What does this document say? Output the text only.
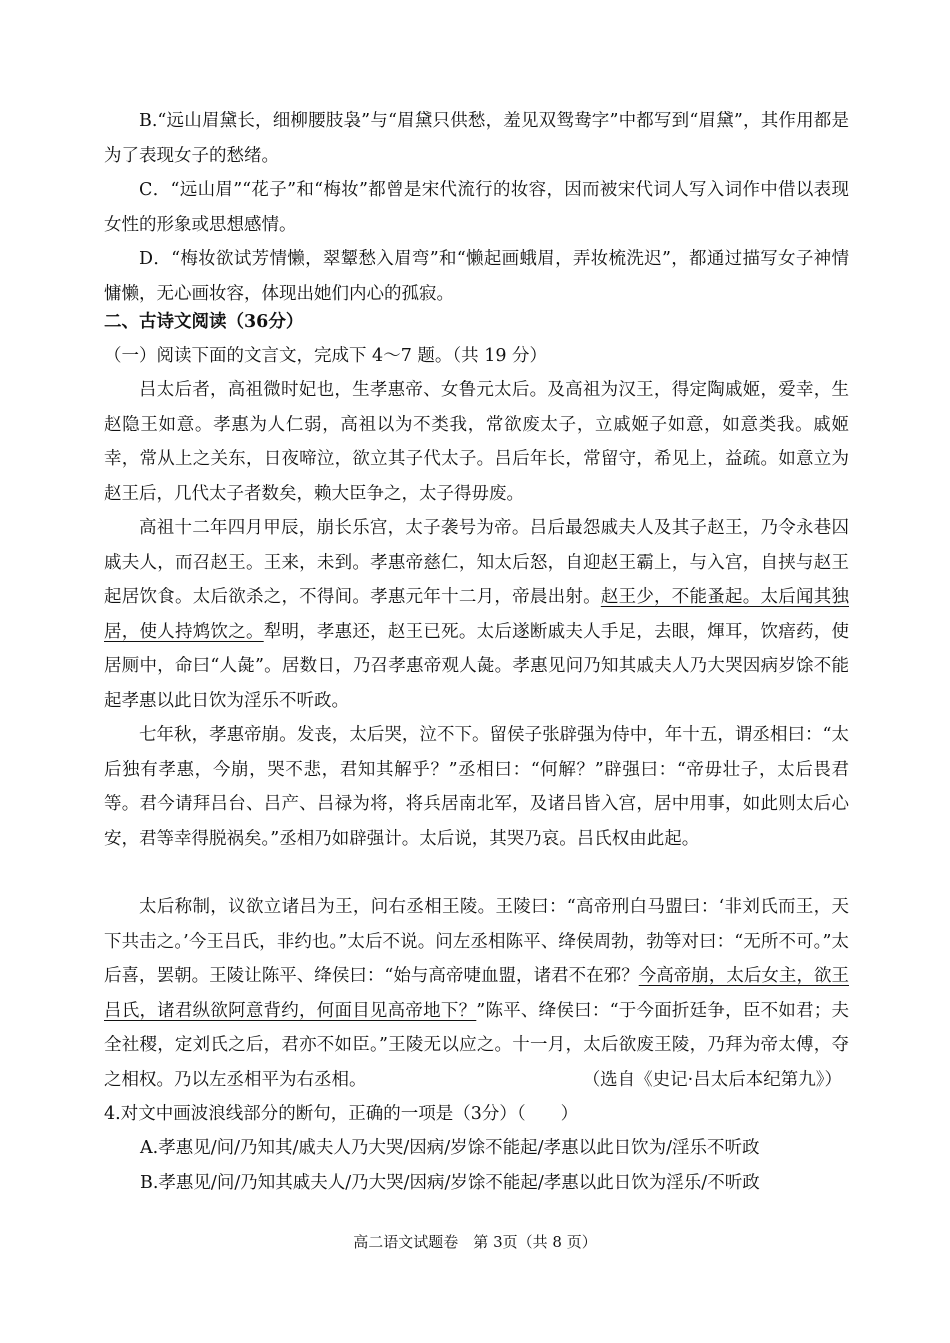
B.“远山眉黛长，细柳腰肢袅”与“眉黛只供愁，羞见双鸳鸯字”中都写到“眉黛”，其作用都是为了表现女子的愁绪。

C．“远山眉”“花子”和“梅妆”都曾是宋代流行的妆容，因而被宋代词人写入词作中借以表现女性的形象或思想感情。

D．“梅妆欲试芳情懒，翠颦愁入眉弯”和“懒起画蛾眉，弄妆梳洗迟”，都通过描写女子神情慵懒，无心画妆容，体现出她们内心的孤寂。

二、古诗文阅读（36分）

（一）阅读下面的文言文，完成下 4～7 题。（共 19 分）

吕太后者，高祖微时妃也，生孝惠帝、女鲁元太后。及高祖为汉王，得定陶戚姬，爱幸，生赵隐王如意。孝惠为人仁弱，高祖以为不类我，常欲废太子，立戚姬子如意，如意类我。戚姬幸，常从上之关东，日夜啼泣，欲立其子代太子。吕后年长，常留守，希见上，益疏。如意立为赵王后，几代太子者数矣，赖大臣争之，太子得毋废。

高祖十二年四月甲辰，崩长乐宫，太子袭号为帝。吕后最怨戚夫人及其子赵王，乃令永巷囚戚夫人，而召赵王。王来，未到。孝惠帝慈仁，知太后怒，自迎赵王霸上，与入宫，自挟与赵王起居饮食。太后欲杀之，不得间。孝惠元年十二月，帝晨出射。赵王少，不能蚤起。太后闻其独居，使人持鸩饮之。犁明，孝惠还，赵王已死。太后遂断戚夫人手足，去眼，煇耳，饮瘖药，使居厕中，命曰“人彘”。居数日，乃召孝惠帝观人彘。孝惠见问乃知其戚夫人乃大哭因病岁馀不能起孝惠以此日饮为淫乐不听政。

七年秋，孝惠帝崩。发丧，太后哭，泣不下。留侯子张辟强为侍中，年十五，谓丞相曰：“太后独有孝惠，今崩，哭不悲，君知其解乎？”丞相曰：“何解？”辟强曰：“帝毋壮子，太后畏君等。君今请拜吕台、吕产、吕禄为将，将兵居南北军，及诸吕皆入宫，居中用事，如此则太后心安，君等幸得脱祸矣。”丞相乃如辟强计。太后说，其哭乃哀。吕氏权由此起。

太后称制，议欲立诸吕为王，问右丞相王陵。王陵曰：“高帝刑白马盟曰：‘非刘氏而王，天下共击之。’今王吕氏，非约也。”太后不说。问左丞相陈平、绛侯周勃，勃等对曰：“无所不可。”太后喜，罢朝。王陵让陈平、绛侯曰：“始与高帝啑血盟，诸君不在邪？今高帝崩，太后女主，欲王吕氏，诸君纵欲阿意背约，何面目见高帝地下？”陈平、绛侯曰：“于今面折廷争，臣不如君；夫全社稷，定刘氏之后，君亦不如臣。”王陵无以应之。十一月，太后欲废王陵，乃拜为帝太傅，夺之相权。乃以左丞相平为右丞相。	（选自《史记·吕太后本纪第九》）

4.对文中画波浪线部分的断句，正确的一项是（3分）（　　）

A.孝惠见/问/乃知其/戚夫人乃大哭/因病/岁馀不能起/孝惠以此日饮为/淫乐不听政

B.孝惠见/问/乃知其戚夫人/乃大哭/因病/岁馀不能起/孝惠以此日饮为淫乐/不听政

高二语文试题卷　第 3页（共 8 页）
